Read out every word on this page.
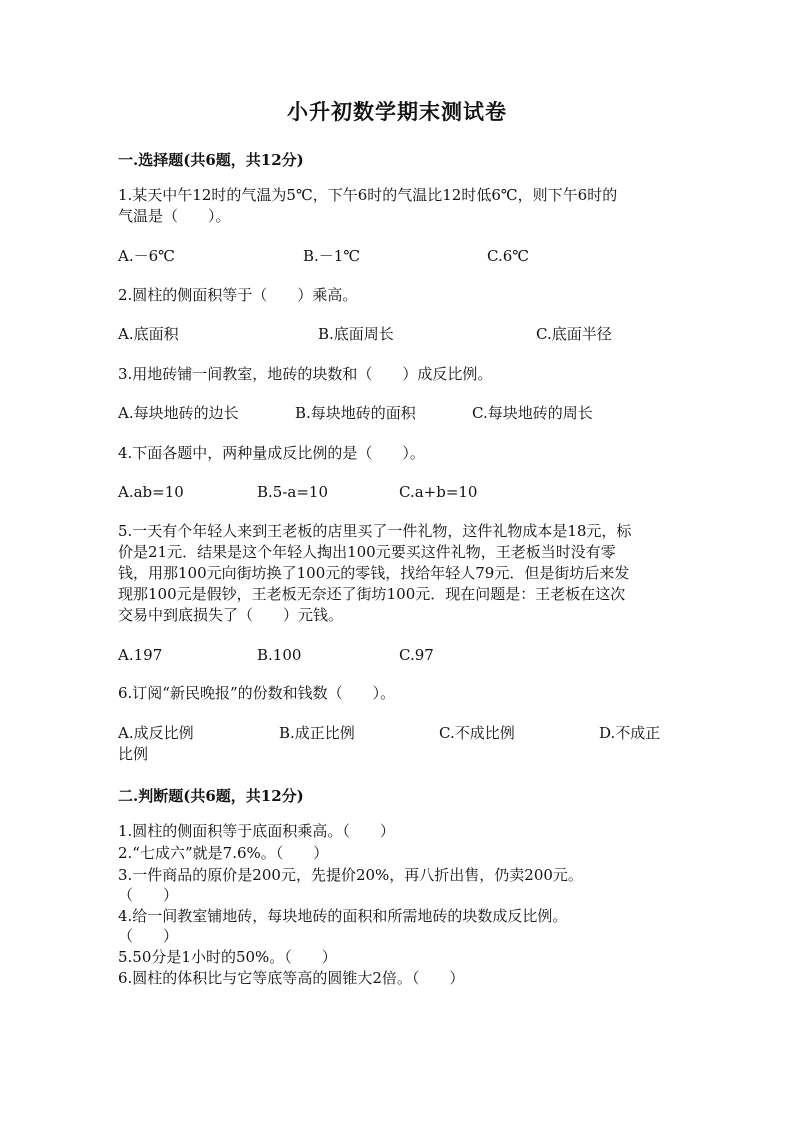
小升初数学期末测试卷
一.选择题(共6题，共12分)
1.某天中午12时的气温为5℃，下午6时的气温比12时低6℃，则下午6时的
气温是（　　）。
A.－6℃	B.－1℃	C.6℃
2.圆柱的侧面积等于（　　）乘高。
A.底面积	B.底面周长	C.底面半径
3.用地砖铺一间教室，地砖的块数和（　　）成反比例。
A.每块地砖的边长	B.每块地砖的面积	C.每块地砖的周长
4.下面各题中，两种量成反比例的是（　　）。
A.ab=10	B.5-a=10	C.a+b=10
5.一天有个年轻人来到王老板的店里买了一件礼物，这件礼物成本是18元，标
价是21元．结果是这个年轻人掏出100元要买这件礼物，王老板当时没有零
钱，用那100元向街坊换了100元的零钱，找给年轻人79元．但是街坊后来发
现那100元是假钞，王老板无奈还了街坊100元．现在问题是：王老板在这次
交易中到底损失了（　　）元钱。
A.197	B.100	C.97
6.订阅“新民晚报”的份数和钱数（　　）。
A.成反比例	B.成正比例	C.不成比例	D.不成正
比例
二.判断题(共6题，共12分)
1.圆柱的侧面积等于底面积乘高。（　　）
2.“七成六”就是7.6%。（　　）
3.一件商品的原价是200元，先提价20%，再八折出售，仍卖200元。
（　　）
4.给一间教室铺地砖，每块地砖的面积和所需地砖的块数成反比例。
（　　）
5.50分是1小时的50%。（　　）
6.圆柱的体积比与它等底等高的圆锥大2倍。（　　）
